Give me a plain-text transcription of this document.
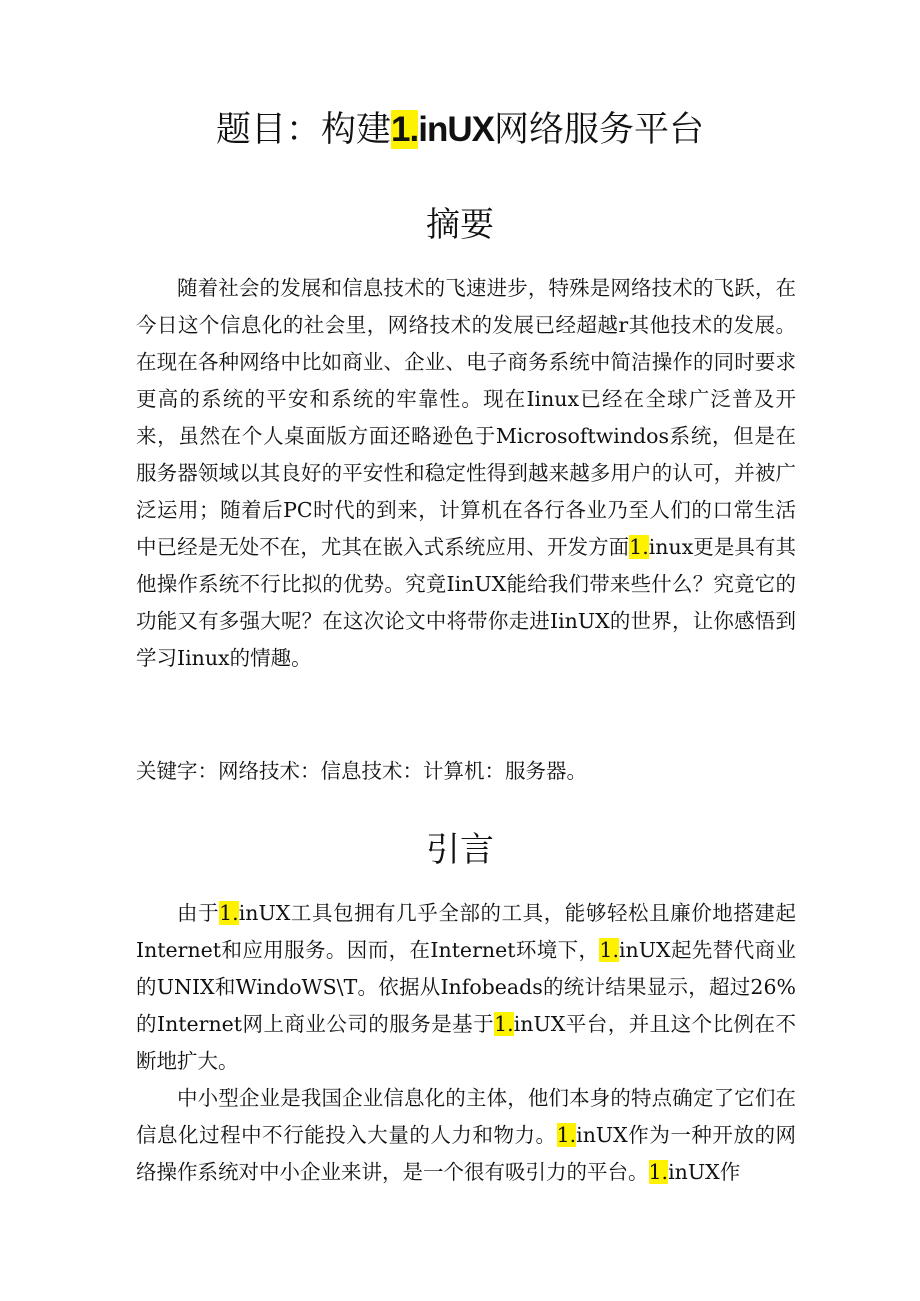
题目：构建1.inUX网络服务平台
摘要

随着社会的发展和信息技术的飞速进步，特殊是网络技术的飞跃，在今日这个信息化的社会里，网络技术的发展已经超越r其他技术的发展。在现在各种网络中比如商业、企业、电子商务系统中简洁操作的同时要求更高的系统的平安和系统的牢靠性。现在Iinux已经在全球广泛普及开来，虽然在个人桌面版方面还略逊色于Microsoftwindos系统，但是在服务器领域以其良好的平安性和稳定性得到越来越多用户的认可，并被广泛运用；随着后PC时代的到来，计算机在各行各业乃至人们的口常生活中已经是无处不在，尤其在嵌入式系统应用、开发方面1.inux更是具有其他操作系统不行比拟的优势。究竟IinUX能给我们带来些什么？究竟它的功能又有多强大呢？在这次论文中将带你走进IinUX的世界，让你感悟到学习Iinux的情趣。

关键字：网络技术：信息技术：计算机：服务器。
引言

由于1.inUX工具包拥有几乎全部的工具，能够轻松且廉价地搭建起Internet和应用服务。因而，在Internet环境下，1.inUX起先替代商业的UNIX和WindoWS\T。依据从Infobeads的统计结果显示，超过26%的Internet网上商业公司的服务是基于1.inUX平台，并且这个比例在不断地扩大。

中小型企业是我国企业信息化的主体，他们本身的特点确定了它们在信息化过程中不行能投入大量的人力和物力。1.inUX作为一种开放的网络操作系统对中小企业来讲，是一个很有吸引力的平台。1.inUX作
